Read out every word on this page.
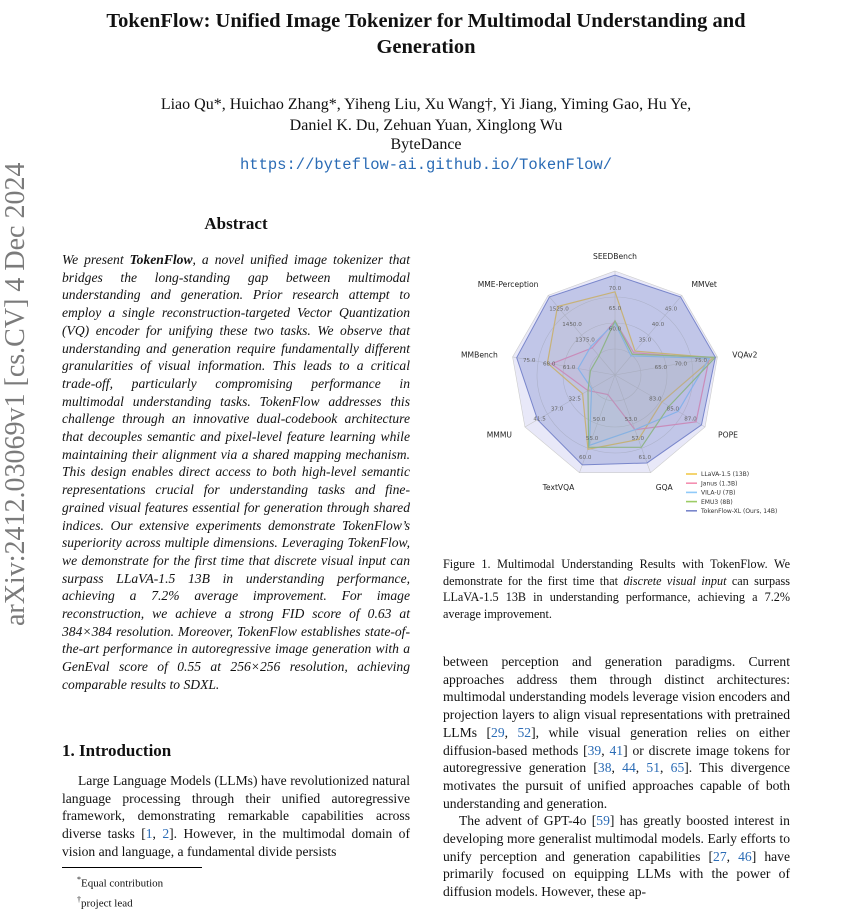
TokenFlow: Unified Image Tokenizer for Multimodal Understanding and Generation
Liao Qu*, Huichao Zhang*, Yiheng Liu, Xu Wang†, Yi Jiang, Yiming Gao, Hu Ye,
Daniel K. Du, Zehuan Yuan, Xinglong Wu
ByteDance
https://byteflow-ai.github.io/TokenFlow/
arXiv:2412.03069v1 [cs.CV] 4 Dec 2024	Abstract
We present TokenFlow, a novel unified image tokenizer that bridges the long-standing gap between multimodal understanding and generation. Prior research attempt to employ a single reconstruction-targeted Vector Quantization (VQ) encoder for unifying these two tasks. We observe that understanding and generation require fundamentally different granularities of visual information. This leads to a critical trade-off, particularly compromising performance in multimodal understanding tasks. TokenFlow addresses this challenge through an innovative dual-codebook architecture that decouples semantic and pixel-level feature learning while maintaining their alignment via a shared mapping mechanism. This design enables direct access to both high-level semantic representations crucial for understanding tasks and fine-grained visual features essential for generation through shared indices. Our extensive experiments demonstrate TokenFlow’s superiority across multiple dimensions. Leveraging TokenFlow, we demonstrate for the first time that discrete visual input can surpass LLaVA-1.5 13B in understanding performance, achieving a 7.2% average improvement. For image reconstruction, we achieve a strong FID score of 0.63 at 384×384 resolution. Moreover, TokenFlow establishes state-of-the-art performance in autoregressive image generation with a GenEval score of 0.55 at 256×256 resolution, achieving comparable results to SDXL.
1. Introduction
Large Language Models (LLMs) have revolutionized natural language processing through their unified autoregressive framework, demonstrating remarkable capabilities across diverse tasks [1, 2]. However, in the multimodal domain of vision and language, a fundamental divide persists
*Equal contribution
†project lead
60.0
65.0
70.0
35.0
40.0
45.0
65.0
70.0
75.0
83.0
85.0
87.0
53.0
57.0
61.0
50.0
55.0
60.0
32.5
37.0
41.5
61.0
68.0
75.0
1375.0
1450.0
1525.0
SEEDBench
MMVet
VQAv2
POPE
GQA
TextVQA
MMMU
MMBench
MME-Perception
LLaVA-1.5 (13B)
Janus (1.3B)
VILA-U (7B)
EMU3 (8B)
TokenFlow-XL (Ours, 14B)
Figure 1. Multimodal Understanding Results with TokenFlow. We demonstrate for the first time that discrete visual input can surpass LLaVA-1.5 13B in understanding performance, achieving a 7.2% average improvement.
between perception and generation paradigms. Current approaches address them through distinct architectures: multimodal understanding models leverage vision encoders and projection layers to align visual representations with pretrained LLMs [29, 52], while visual generation relies on either diffusion-based methods [39, 41] or discrete image tokens for autoregressive generation [38, 44, 51, 65]. This divergence motivates the pursuit of unified approaches capable of both understanding and generation.
The advent of GPT-4o [59] has greatly boosted interest in developing more generalist multimodal models. Early efforts to unify perception and generation capabilities [27, 46] have primarily focused on equipping LLMs with the power of diffusion models. However, these ap-
